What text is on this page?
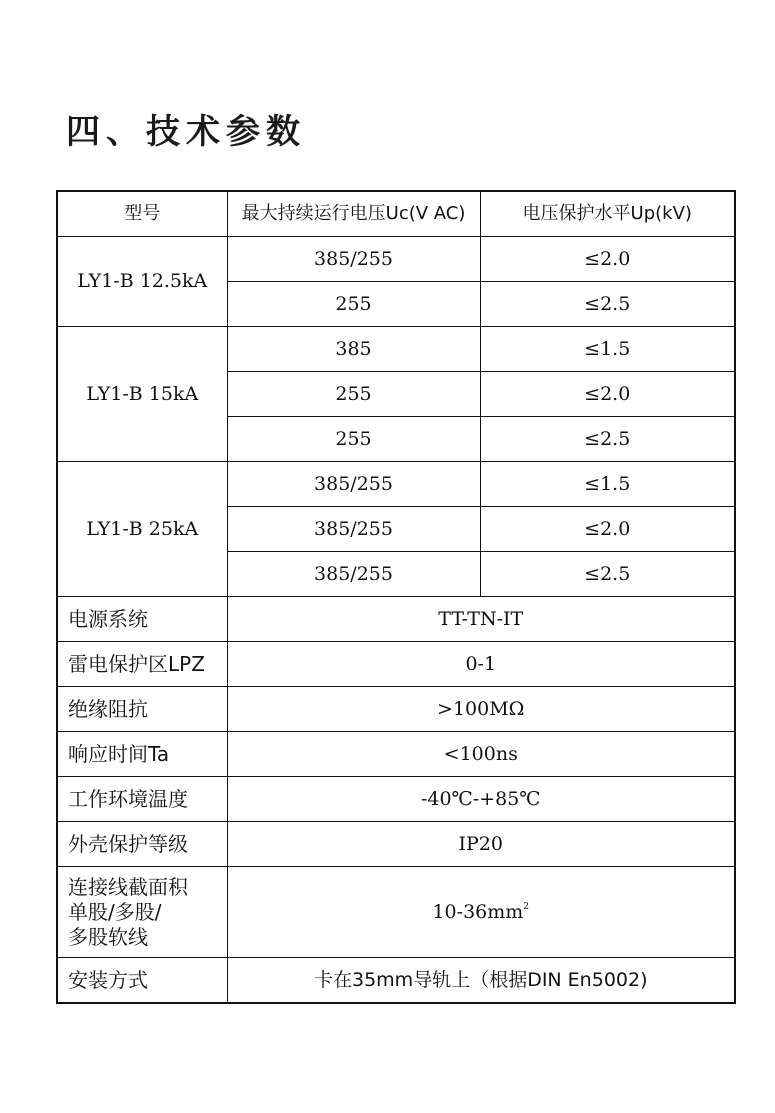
四、技术参数
型号	最大持续运行电压Uc(V AC)	电压保护水平Up(kV)
LY1-B 12.5kA	385/255	≤2.0
	255	≤2.5
LY1-B 15kA	385	≤1.5
	255	≤2.0
	255	≤2.5
LY1-B 25kA	385/255	≤1.5
	385/255	≤2.0
	385/255	≤2.5
电源系统	TT-TN-IT	
雷电保护区LPZ	0-1	
绝缘阻抗	>100MΩ	
响应时间Ta	<100ns	
工作环境温度	-40℃-+85℃	
外壳保护等级	IP20	

连接线截面积
单股/多股/
多股软线	$10-36mm^2$
安装方式	卡在35mm导轨上（根据DIN En5002)	
